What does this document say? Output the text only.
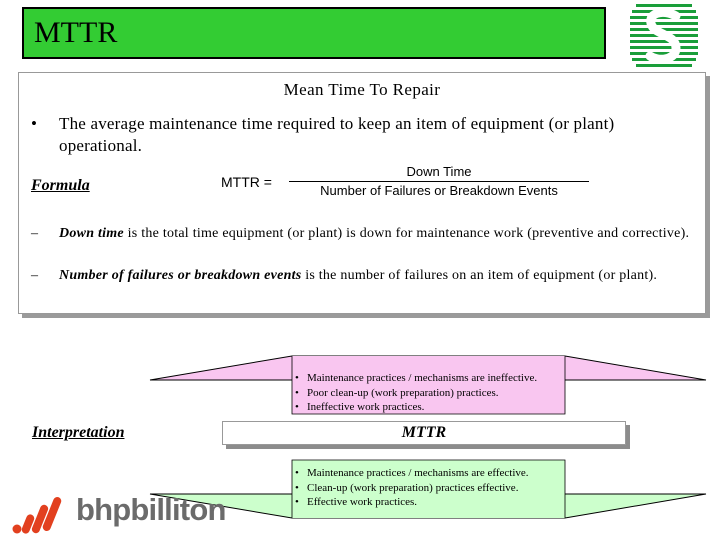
MTTR
Mean Time To Repair
• The average maintenance time required to keep an item of equipment (or plant) operational.
Formula	MTTR =
Down Time
Number of Failures or Breakdown Events
– Down time is the total time equipment (or plant) is down for maintenance work (preventive and corrective).
– Number of failures or breakdown events is the number of failures on an item of equipment (or plant).
• Maintenance practices / mechanisms are ineffective.
• Poor clean-up (work preparation) practices.
• Ineffective work practices.
Interpretation	MTTR
• Maintenance practices / mechanisms are effective.
• Clean-up (work preparation) practices effective.
• Effective work practices.
bhpbilliton
